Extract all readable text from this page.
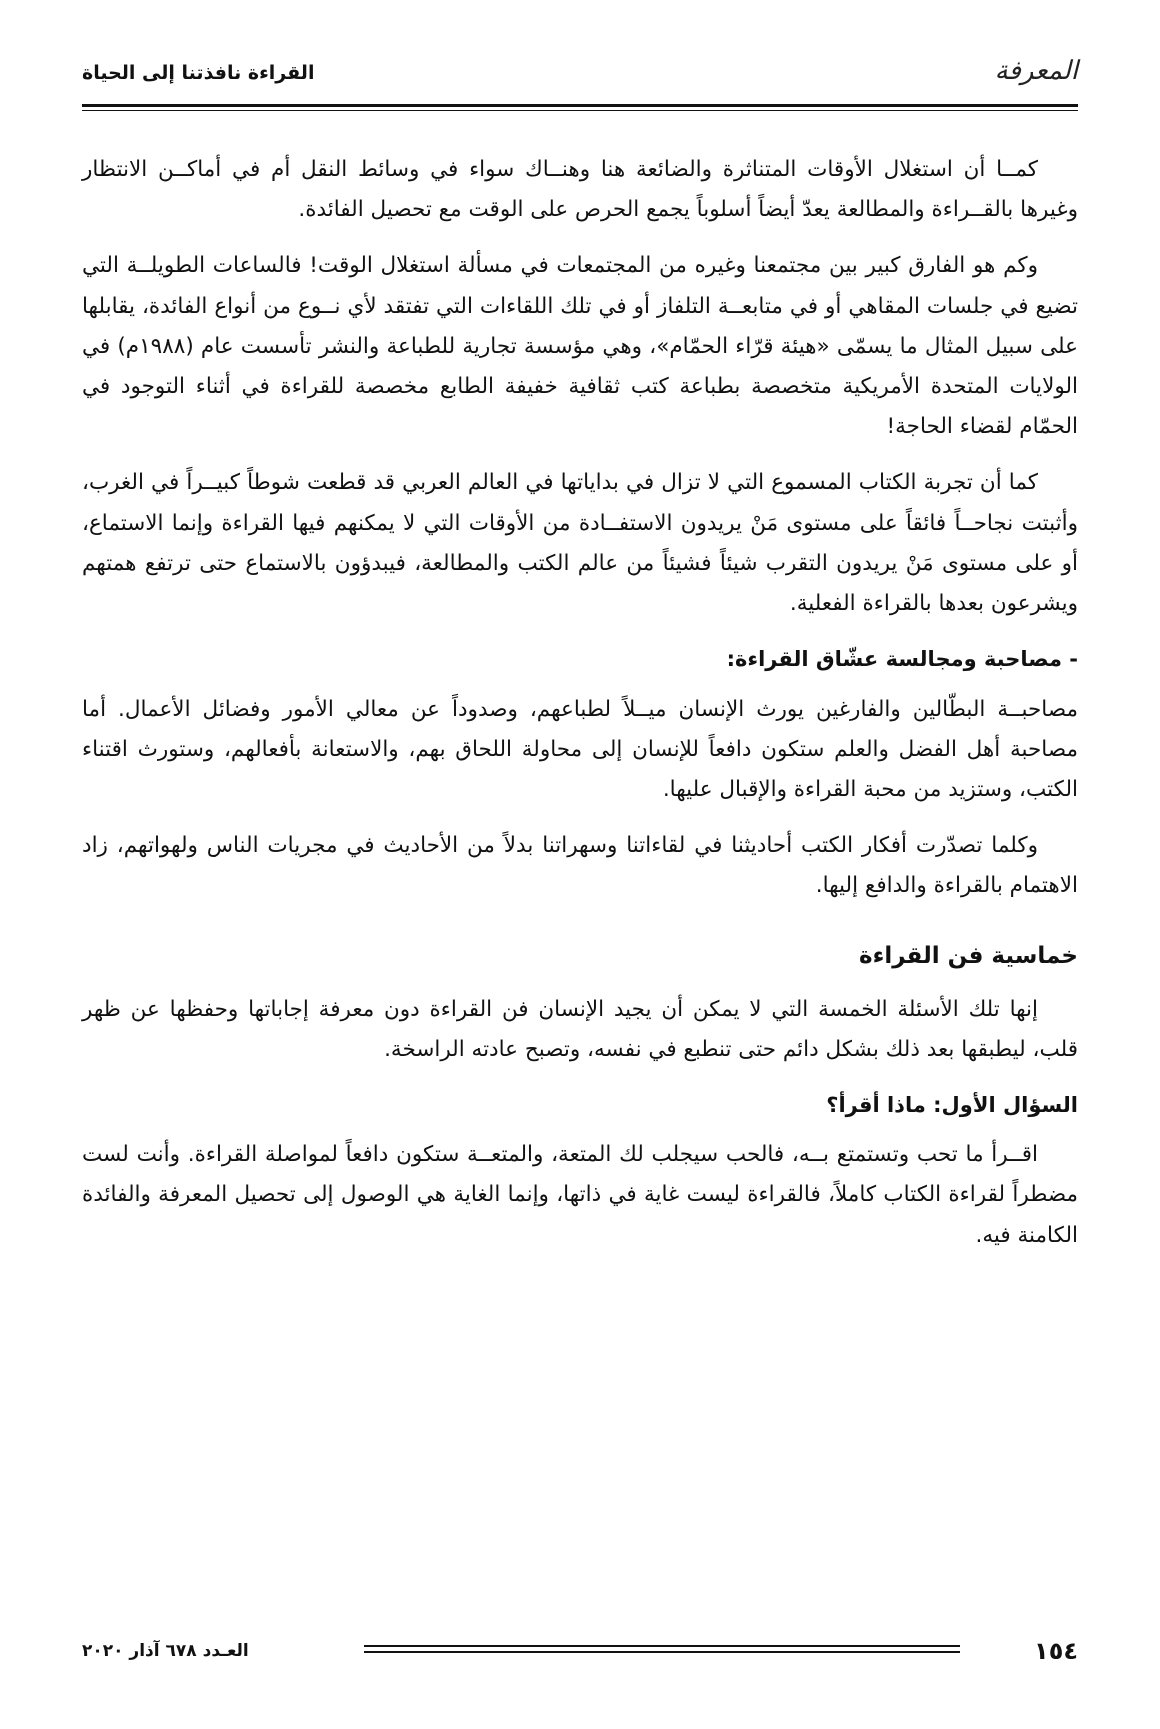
المعرفة
القراءة نافذتنا إلى الحياة

كمــا أن استغلال الأوقات المتناثرة والضائعة هنا وهنــاك سواء في وسائط النقل أم في أماكــن الانتظار وغيرها بالقــراءة والمطالعة يعدّ أيضاً أسلوباً يجمع الحرص على الوقت مع تحصيل الفائدة.

وكم هو الفارق كبير بين مجتمعنا وغيره من المجتمعات في مسألة استغلال الوقت! فالساعات الطويلــة التي تضيع في جلسات المقاهي أو في متابعــة التلفاز أو في تلك اللقاءات التي تفتقد لأي نــوع من أنواع الفائدة، يقابلها على سبيل المثال ما يسمّى «هيئة قرّاء الحمّام»، وهي مؤسسة تجارية للطباعة والنشر تأسست عام (١٩٨٨م) في الولايات المتحدة الأمريكية متخصصة بطباعة كتب ثقافية خفيفة الطابع مخصصة للقراءة في أثناء التوجود في الحمّام لقضاء الحاجة!

كما أن تجربة الكتاب المسموع التي لا تزال في بداياتها في العالم العربي قد قطعت شوطاً كبيــراً في الغرب، وأثبتت نجاحــاً فائقاً على مستوى مَنْ يريدون الاستفــادة من الأوقات التي لا يمكنهم فيها القراءة وإنما الاستماع، أو على مستوى مَنْ يريدون التقرب شيئاً فشيئاً من عالم الكتب والمطالعة، فيبدؤون بالاستماع حتى ترتفع همتهم ويشرعون بعدها بالقراءة الفعلية.

- مصاحبة ومجالسة عشّاق القراءة:

مصاحبــة البطّالين والفارغين يورث الإنسان ميــلاً لطباعهم، وصدوداً عن معالي الأمور وفضائل الأعمال. أما مصاحبة أهل الفضل والعلم ستكون دافعاً للإنسان إلى محاولة اللحاق بهم، والاستعانة بأفعالهم، وستورث اقتناء الكتب، وستزيد من محبة القراءة والإقبال عليها.

وكلما تصدّرت أفكار الكتب أحاديثنا في لقاءاتنا وسهراتنا بدلاً من الأحاديث في مجريات الناس ولهواتهم، زاد الاهتمام بالقراءة والدافع إليها.

خماسية فن القراءة

إنها تلك الأسئلة الخمسة التي لا يمكن أن يجيد الإنسان فن القراءة دون معرفة إجاباتها وحفظها عن ظهر قلب، ليطبقها بعد ذلك بشكل دائم حتى تنطبع في نفسه، وتصبح عادته الراسخة.

السؤال الأول: ماذا أقرأ؟

اقــرأ ما تحب وتستمتع بــه، فالحب سيجلب لك المتعة، والمتعــة ستكون دافعاً لمواصلة القراءة. وأنت لست مضطراً لقراءة الكتاب كاملاً، فالقراءة ليست غاية في ذاتها، وإنما الغاية هي الوصول إلى تحصيل المعرفة والفائدة الكامنة فيه.

١٥٤
العـدد ٦٧٨ آذار ٢٠٢٠
